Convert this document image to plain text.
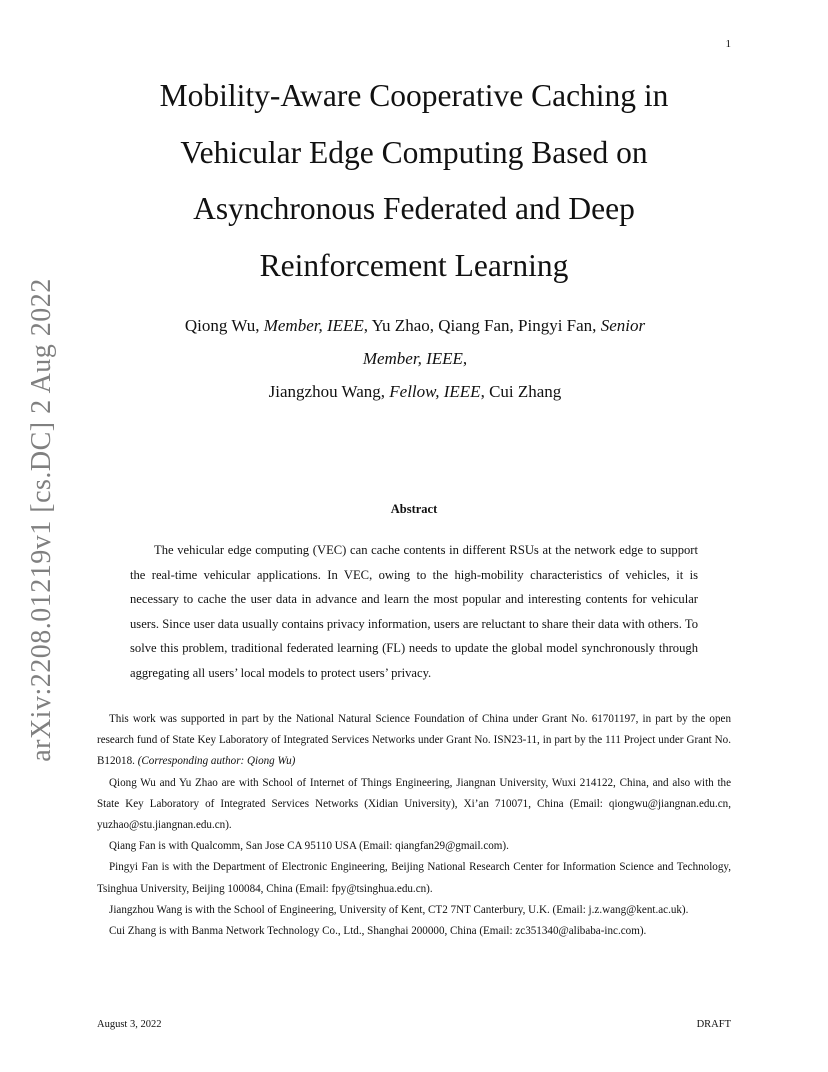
1
arXiv:2208.01219v1 [cs.DC] 2 Aug 2022
Mobility-Aware Cooperative Caching in Vehicular Edge Computing Based on Asynchronous Federated and Deep Reinforcement Learning
Qiong Wu, Member, IEEE, Yu Zhao, Qiang Fan, Pingyi Fan, Senior
Member, IEEE,
Jiangzhou Wang, Fellow, IEEE, Cui Zhang
Abstract
The vehicular edge computing (VEC) can cache contents in different RSUs at the network edge to support the real-time vehicular applications. In VEC, owing to the high-mobility characteristics of vehicles, it is necessary to cache the user data in advance and learn the most popular and interesting contents for vehicular users. Since user data usually contains privacy information, users are reluctant to share their data with others. To solve this problem, traditional federated learning (FL) needs to update the global model synchronously through aggregating all users’ local models to protect users’ privacy.

This work was supported in part by the National Natural Science Foundation of China under Grant No. 61701197, in part by the open research fund of State Key Laboratory of Integrated Services Networks under Grant No. ISN23-11, in part by the 111 Project under Grant No. B12018. (Corresponding author: Qiong Wu)

Qiong Wu and Yu Zhao are with School of Internet of Things Engineering, Jiangnan University, Wuxi 214122, China, and also with the State Key Laboratory of Integrated Services Networks (Xidian University), Xi’an 710071, China (Email: qiongwu@jiangnan.edu.cn, yuzhao@stu.jiangnan.edu.cn).

Qiang Fan is with Qualcomm, San Jose CA 95110 USA (Email: qiangfan29@gmail.com).

Pingyi Fan is with the Department of Electronic Engineering, Beijing National Research Center for Information Science and Technology, Tsinghua University, Beijing 100084, China (Email: fpy@tsinghua.edu.cn).

Jiangzhou Wang is with the School of Engineering, University of Kent, CT2 7NT Canterbury, U.K. (Email: j.z.wang@kent.ac.uk).

Cui Zhang is with Banma Network Technology Co., Ltd., Shanghai 200000, China (Email: zc351340@alibaba-inc.com).

August 3, 2022	DRAFT
